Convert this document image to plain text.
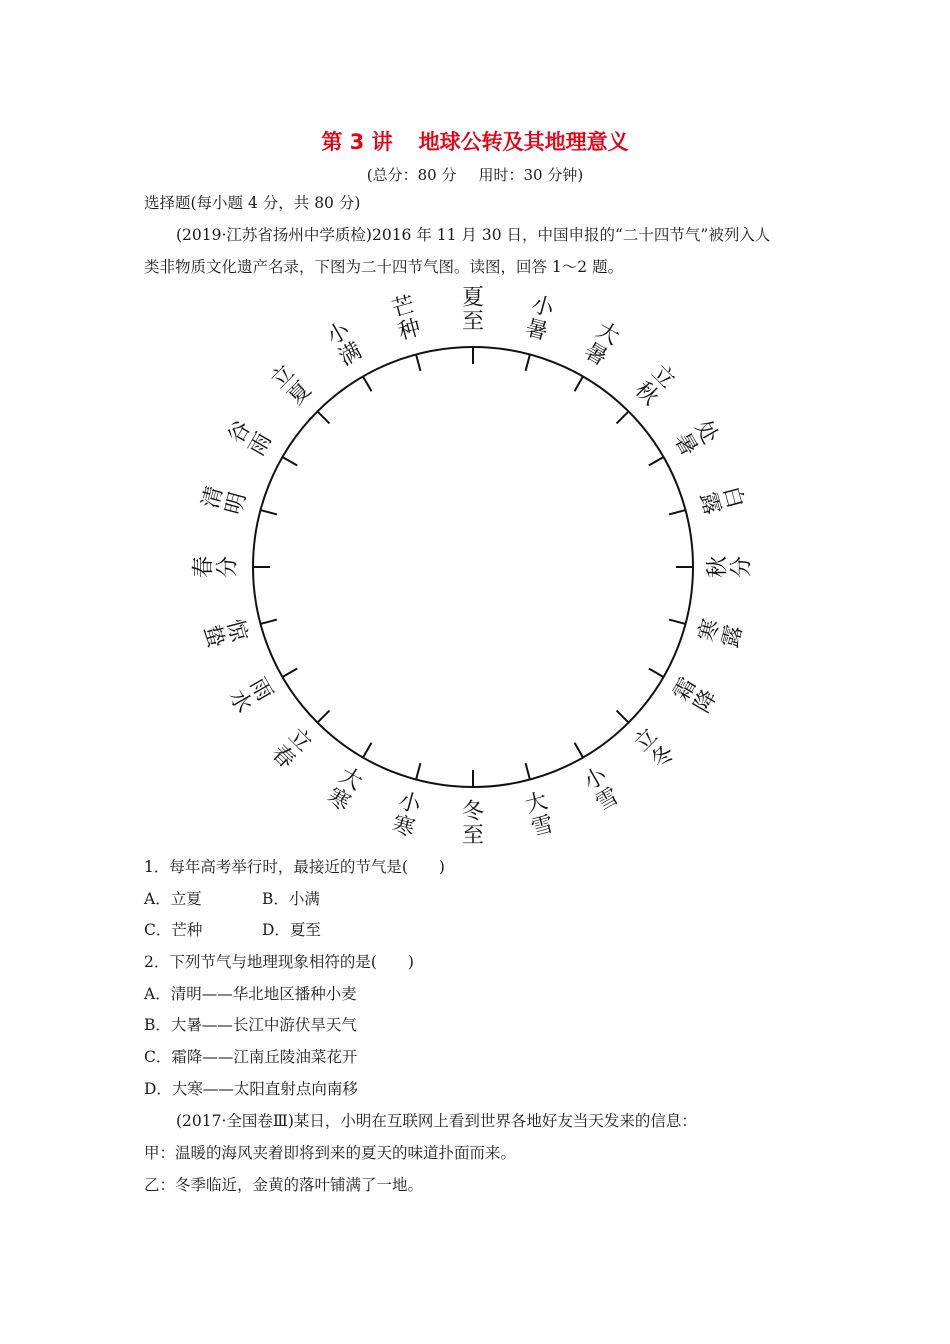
第 3 讲 地球公转及其地理意义
(总分：80 分 用时：30 分钟)
选择题(每小题 4 分，共 80 分)
(2019·江苏省扬州中学质检)2016 年 11 月 30 日，中国申报的“二十四节气”被列入人
类非物质文化遗产名录，下图为二十四节气图。读图，回答 1～2 题。
夏
至 小
暑 大
暑
立
秋
处
暑
白
露
秋 分
寒
露
霜
降
立
冬
小
雪
大
雪
冬
至
小
寒
大
寒
立
春
雨
水
惊
蛰
春 分
清
明
谷
雨
立
夏
小
满
芒
种
1．每年高考举行时，最接近的节气是(　　)
A．立夏	B．小满
C．芒种	D．夏至
2．下列节气与地理现象相符的是(　　)
A．清明——华北地区播种小麦
B．大暑——长江中游伏旱天气
C．霜降——江南丘陵油菜花开
D．大寒——太阳直射点向南移
(2017·全国卷Ⅲ)某日，小明在互联网上看到世界各地好友当天发来的信息：
甲：温暖的海风夹着即将到来的夏天的味道扑面而来。
乙：冬季临近，金黄的落叶铺满了一地。
